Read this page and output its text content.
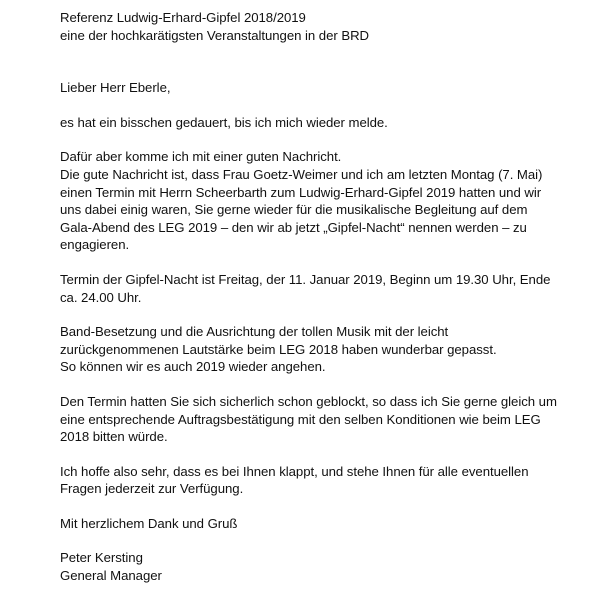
Referenz Ludwig-Erhard-Gipfel 2018/2019
eine der hochkarätigsten Veranstaltungen in der BRD
Lieber Herr Eberle,
es hat ein bisschen gedauert, bis ich mich wieder melde.
Dafür aber komme ich mit einer guten Nachricht.
Die gute Nachricht ist, dass Frau Goetz-Weimer und ich am letzten Montag (7. Mai)
einen Termin mit Herrn Scheerbarth zum Ludwig-Erhard-Gipfel 2019 hatten und wir
uns dabei einig waren, Sie gerne wieder für die musikalische Begleitung auf dem
Gala-Abend des LEG 2019 – den wir ab jetzt „Gipfel-Nacht“ nennen werden – zu
engagieren.
Termin der Gipfel-Nacht ist Freitag, der 11. Januar 2019, Beginn um 19.30 Uhr, Ende
ca. 24.00 Uhr.
Band-Besetzung und die Ausrichtung der tollen Musik mit der leicht
zurückgenommenen Lautstärke beim LEG 2018 haben wunderbar gepasst.
So können wir es auch 2019 wieder angehen.
Den Termin hatten Sie sich sicherlich schon geblockt, so dass ich Sie gerne gleich um
eine entsprechende Auftragsbestätigung mit den selben Konditionen wie beim LEG
2018 bitten würde.
Ich hoffe also sehr, dass es bei Ihnen klappt, und stehe Ihnen für alle eventuellen
Fragen jederzeit zur Verfügung.
Mit herzlichem Dank und Gruß
Peter Kersting
General Manager
